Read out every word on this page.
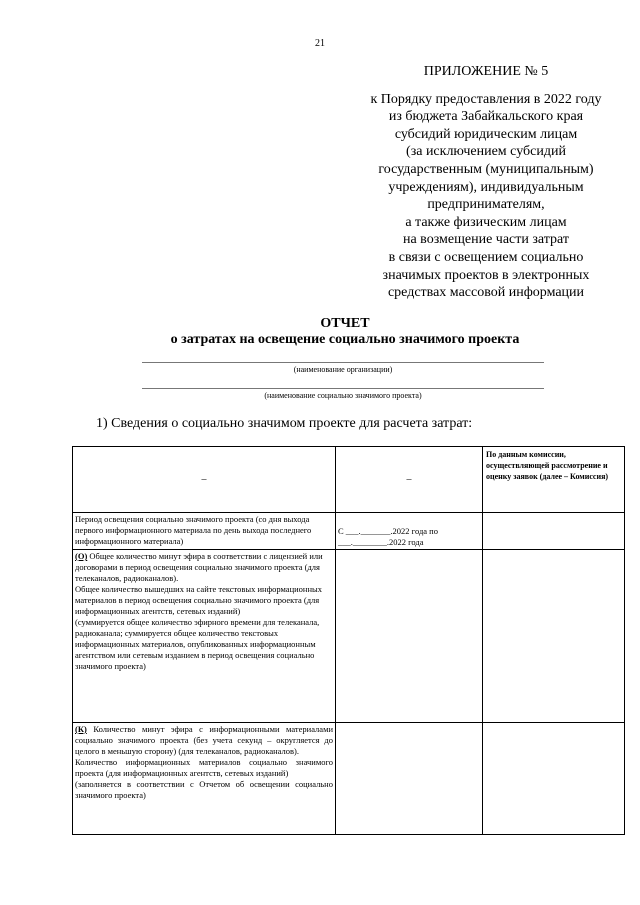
21
ПРИЛОЖЕНИЕ № 5
к Порядку предоставления в 2022 году
из бюджета Забайкальского края
субсидий юридическим лицам
(за исключением субсидий
государственным (муниципальным)
учреждениям), индивидуальным
предпринимателям,
а также физическим лицам
на возмещение части затрат
в связи с освещением социально
значимых проектов в электронных
средствах массовой информации
ОТЧЕТ
о затратах на освещение социально значимого проекта
(наименование организации)
(наименование социально значимого проекта)
1) Сведения о социально значимом проекте для расчета затрат:
–	–	По данным комиссии, осуществляющей рассмотрение и оценку заявок (далее – Комиссия)
Период освещения социально значимого проекта (со дня выхода первого информационного материала по день выхода последнего информационного материала)	С ___._______.2022 года по
___.________.2022 года	

(О) Общее количество минут эфира в соответствии с лицензией или договорами в период освещения социально значимого проекта (для телеканалов, радиоканалов).
Общее количество вышедших на сайте текстовых информационных материалов в период освещения социально значимого проекта (для информационных агентств, сетевых изданий)
(суммируется общее количество эфирного времени для телеканала, радиоканала; суммируется общее количество текстовых информационных материалов, опубликованных информационным агентством или сетевым изданием в период освещения социально значимого проекта)		

(К) Количество минут эфира с информационными материалами социально значимого проекта (без учета секунд – округляется до целого в меньшую сторону) (для телеканалов, радиоканалов).
Количество информационных материалов социально значимого проекта (для информационных агентств, сетевых изданий)
(заполняется в соответствии с Отчетом об освещении социально значимого проекта)		
